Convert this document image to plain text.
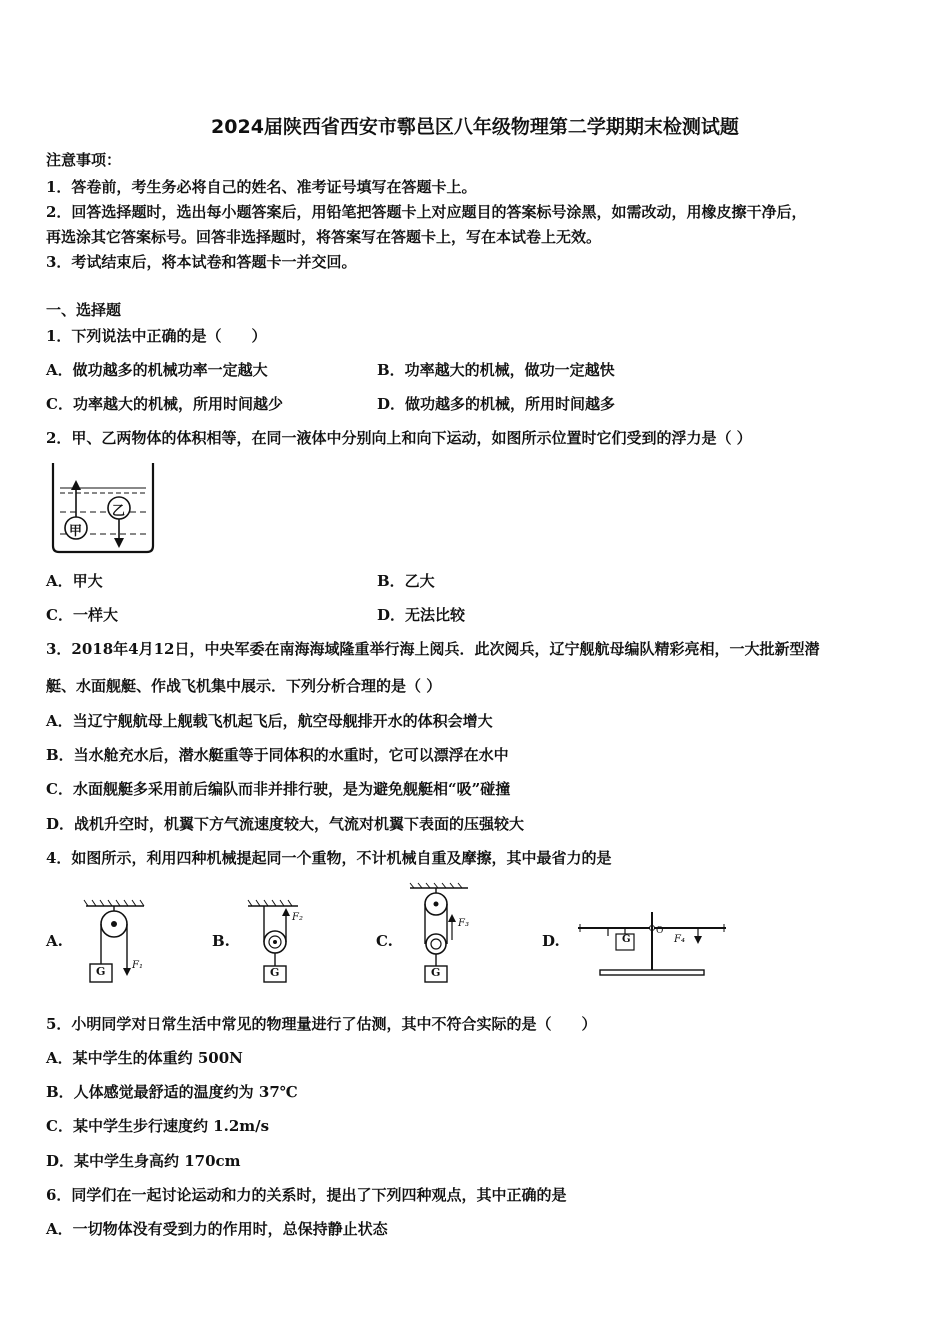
2024届陕西省西安市鄠邑区八年级物理第二学期期末检测试题
注意事项：
1．答卷前，考生务必将自己的姓名、准考证号填写在答题卡上。
2．回答选择题时，选出每小题答案后，用铅笔把答题卡上对应题目的答案标号涂黑，如需改动，用橡皮擦干净后，
再选涂其它答案标号。回答非选择题时，将答案写在答题卡上，写在本试卷上无效。
3．考试结束后，将本试卷和答题卡一并交回。
一、选择题
1．下列说法中正确的是（　　）
A．做功越多的机械功率一定越大	B．功率越大的机械，做功一定越快
C．功率越大的机械，所用时间越少	D．做功越多的机械，所用时间越多
2．甲、乙两物体的体积相等，在同一液体中分别向上和向下运动，如图所示位置时它们受到的浮力是（ ）
甲
乙
A．甲大	B．乙大
C．一样大	D．无法比较
3．2018年4月12日，中央军委在南海海域隆重举行海上阅兵．此次阅兵，辽宁舰航母编队精彩亮相，一大批新型潜
艇、水面舰艇、作战飞机集中展示．下列分析合理的是（ ）
A．当辽宁舰航母上舰载飞机起飞后，航空母舰排开水的体积会增大
B．当水舱充水后，潜水艇重等于同体积的水重时，它可以漂浮在水中
C．水面舰艇多采用前后编队而非并排行驶，是为避免舰艇相“吸”碰撞
D．战机升空时，机翼下方气流速度较大，气流对机翼下表面的压强较大
4．如图所示，利用四种机械提起同一个重物，不计机械自重及摩擦，其中最省力的是
A.
G	F₁
B.
G
F₂
C.
G
F₃
D.	G
O
F₄
5．小明同学对日常生活中常见的物理量进行了估测，其中不符合实际的是（　　）
A．某中学生的体重约 500N
B．人体感觉最舒适的温度约为 37℃
C．某中学生步行速度约 1.2m/s
D．某中学生身高约 170cm
6．同学们在一起讨论运动和力的关系时，提出了下列四种观点，其中正确的是
A．一切物体没有受到力的作用时，总保持静止状态
